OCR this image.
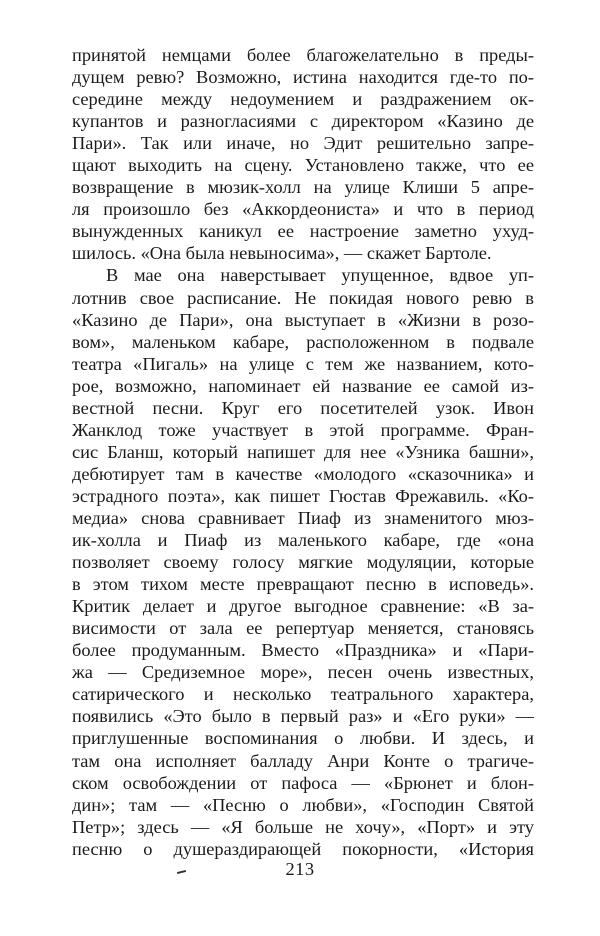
принятой немцами более благожелательно в преды-
дущем ревю? Возможно, истина находится где-то по-
середине между недоумением и раздражением ок-
купантов и разногласиями с директором «Казино де
Пари». Так или иначе, но Эдит решительно запре-
щают выходить на сцену. Установлено также, что ее
возвращение в мюзик-холл на улице Клиши 5 апре-
ля произошло без «Аккордеониста» и что в период
вынужденных каникул ее настроение заметно ухуд-
шилось. «Она была невыносима», — скажет Бартоле.
В мае она наверстывает упущенное, вдвое уп-
лотнив свое расписание. Не покидая нового ревю в
«Казино де Пари», она выступает в «Жизни в розо-
вом», маленьком кабаре, расположенном в подвале
театра «Пигаль» на улице с тем же названием, кото-
рое, возможно, напоминает ей название ее самой из-
вестной песни. Круг его посетителей узок. Ивон
Жанклод тоже участвует в этой программе. Фран-
сис Бланш, который напишет для нее «Узника башни»,
дебютирует там в качестве «молодого «сказочника» и
эстрадного поэта», как пишет Гюстав Фрежавиль. «Ко-
медиа» снова сравнивает Пиаф из знаменитого мюз-
ик-холла и Пиаф из маленького кабаре, где «она
позволяет своему голосу мягкие модуляции, которые
в этом тихом месте превращают песню в исповедь».
Критик делает и другое выгодное сравнение: «В за-
висимости от зала ее репертуар меняется, становясь
более продуманным. Вместо «Праздника» и «Пари-
жа — Средиземное море», песен очень известных,
сатирического и несколько театрального характера,
появились «Это было в первый раз» и «Его руки» —
приглушенные воспоминания о любви. И здесь, и
там она исполняет балладу Анри Конте о трагиче-
ском освобождении от пафоса — «Брюнет и блон-
дин»; там — «Песню о любви», «Господин Святой
Петр»; здесь — «Я больше не хочу», «Порт» и эту
песню о душераздирающей покорности, «История
213
